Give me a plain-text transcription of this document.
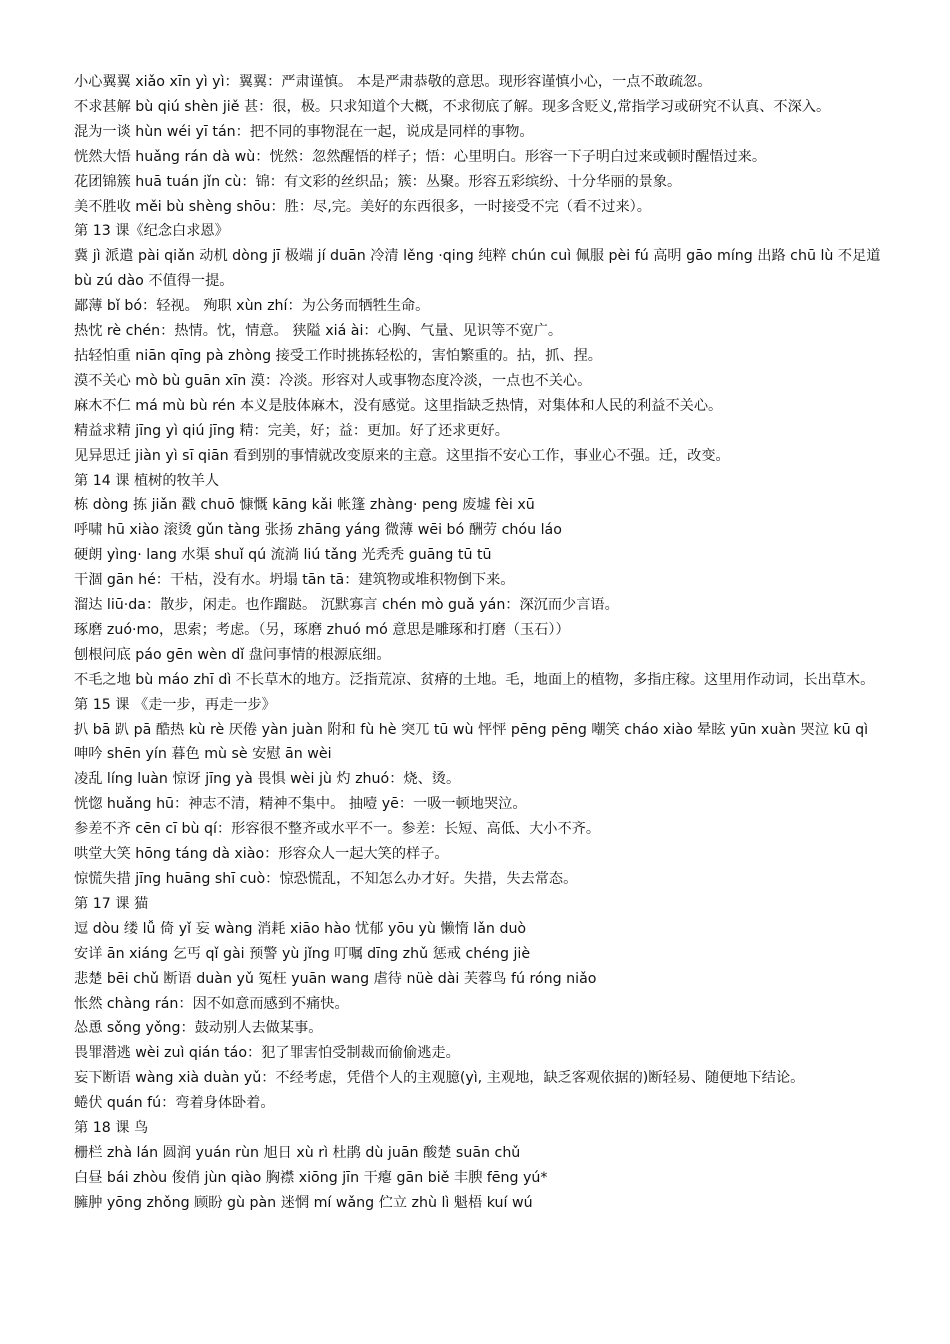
小心翼翼 xiǎo xīn yì yì：翼翼：严肃谨慎。 本是严肃恭敬的意思。现形容谨慎小心，一点不敢疏忽。
不求甚解 bù qiú shèn jiě 甚：很，极。只求知道个大概，不求彻底了解。现多含贬义,常指学习或研究不认真、不深入。
混为一谈 hùn wéi yī tán：把不同的事物混在一起，说成是同样的事物。
恍然大悟 huǎng rán dà wù：恍然：忽然醒悟的样子；悟：心里明白。形容一下子明白过来或顿时醒悟过来。
花团锦簇 huā tuán jǐn cù：锦：有文彩的丝织品；簇：丛聚。形容五彩缤纷、十分华丽的景象。
美不胜收 měi bù shèng shōu：胜：尽,完。美好的东西很多，一时接受不完（看不过来）。
第 13 课《纪念白求恩》
冀 jì 派遣 pài qiǎn 动机 dòng jī 极端 jí duān 冷清 lěng ·qing 纯粹 chún cuì 佩服 pèi fú 高明 gāo míng 出路 chū lù 不足道 bù zú dào 不值得一提。
鄙薄 bǐ bó：轻视。 殉职 xùn zhí：为公务而牺牲生命。
热忱 rè chén：热情。忱，情意。 狭隘 xiá ài：心胸、气量、见识等不宽广。
拈轻怕重 niān qīng pà zhòng 接受工作时挑拣轻松的，害怕繁重的。拈，抓、捏。
漠不关心 mò bù guān xīn 漠：冷淡。形容对人或事物态度冷淡，一点也不关心。
麻木不仁 má mù bù rén 本义是肢体麻木，没有感觉。这里指缺乏热情，对集体和人民的利益不关心。
精益求精 jīng yì qiú jīng 精：完美，好；益：更加。好了还求更好。
见异思迁 jiàn yì sī qiān 看到别的事情就改变原来的主意。这里指不安心工作，事业心不强。迁，改变。
第 14 课 植树的牧羊人
栋 dòng 拣 jiǎn 戳 chuō 慷慨 kāng kǎi 帐篷 zhàng· peng 废墟 fèi xū
呼啸 hū xiào 滚烫 gǔn tàng 张扬 zhāng yáng 微薄 wēi bó 酬劳 chóu láo
硬朗 yìng· lang 水渠 shuǐ qú 流淌 liú tǎng 光秃秃 guāng tū tū
干涸 gān hé：干枯，没有水。坍塌 tān tā：建筑物或堆积物倒下来。
溜达 liū·da：散步，闲走。也作蹓跶。 沉默寡言 chén mò guǎ yán：深沉而少言语。
琢磨 zuó·mo，思索；考虑。（另，琢磨 zhuó mó 意思是雕琢和打磨（玉石））
刨根问底 páo gēn wèn dǐ 盘问事情的根源底细。
不毛之地 bù máo zhī dì 不长草木的地方。泛指荒凉、贫瘠的土地。毛，地面上的植物，多指庄稼。这里用作动词，长出草木。
第 15 课 《走一步，再走一步》
扒 bā 趴 pā 酷热 kù rè 厌倦 yàn juàn 附和 fù hè 突兀 tū wù 怦怦 pēng pēng 嘲笑 cháo xiào 晕眩 yūn xuàn 哭泣 kū qì 呻吟 shēn yín 暮色 mù sè 安慰 ān wèi
凌乱 líng luàn 惊讶 jīng yà 畏惧 wèi jù 灼 zhuó：烧、烫。
恍惚 huǎng hū：神志不清，精神不集中。 抽噎 yē：一吸一顿地哭泣。
参差不齐 cēn cī bù qí：形容很不整齐或水平不一。参差：长短、高低、大小不齐。
哄堂大笑 hōng táng dà xiào：形容众人一起大笑的样子。
惊慌失措 jīng huāng shī cuò：惊恐慌乱，不知怎么办才好。失措，失去常态。
第 17 课 猫
逗 dòu 缕 lǚ 倚 yǐ 妄 wàng 消耗 xiāo hào 忧郁 yōu yù 懒惰 lǎn duò
安详 ān xiáng 乞丐 qǐ gài 预警 yù jǐng 叮嘱 dīng zhǔ 惩戒 chéng jiè
悲楚 bēi chǔ 断语 duàn yǔ 冤枉 yuān wang 虐待 nüè dài 芙蓉鸟 fú róng niǎo
怅然 chàng rán：因不如意而感到不痛快。
怂恿 sǒng yǒng：鼓动别人去做某事。
畏罪潜逃 wèi zuì qián táo：犯了罪害怕受制裁而偷偷逃走。
妄下断语 wàng xià duàn yǔ：不经考虑，凭借个人的主观臆(yì, 主观地，缺乏客观依据的)断轻易、随便地下结论。
蜷伏 quán fú：弯着身体卧着。
第 18 课 鸟
栅栏 zhà lán 圆润 yuán rùn 旭日 xù rì 杜鹃 dù juān 酸楚 suān chǔ
白昼 bái zhòu 俊俏 jùn qiào 胸襟 xiōng jīn 干瘪 gān biě 丰腴 fēng yú*
臃肿 yōng zhǒng 顾盼 gù pàn 迷惘 mí wǎng 伫立 zhù lì 魁梧 kuí wú
